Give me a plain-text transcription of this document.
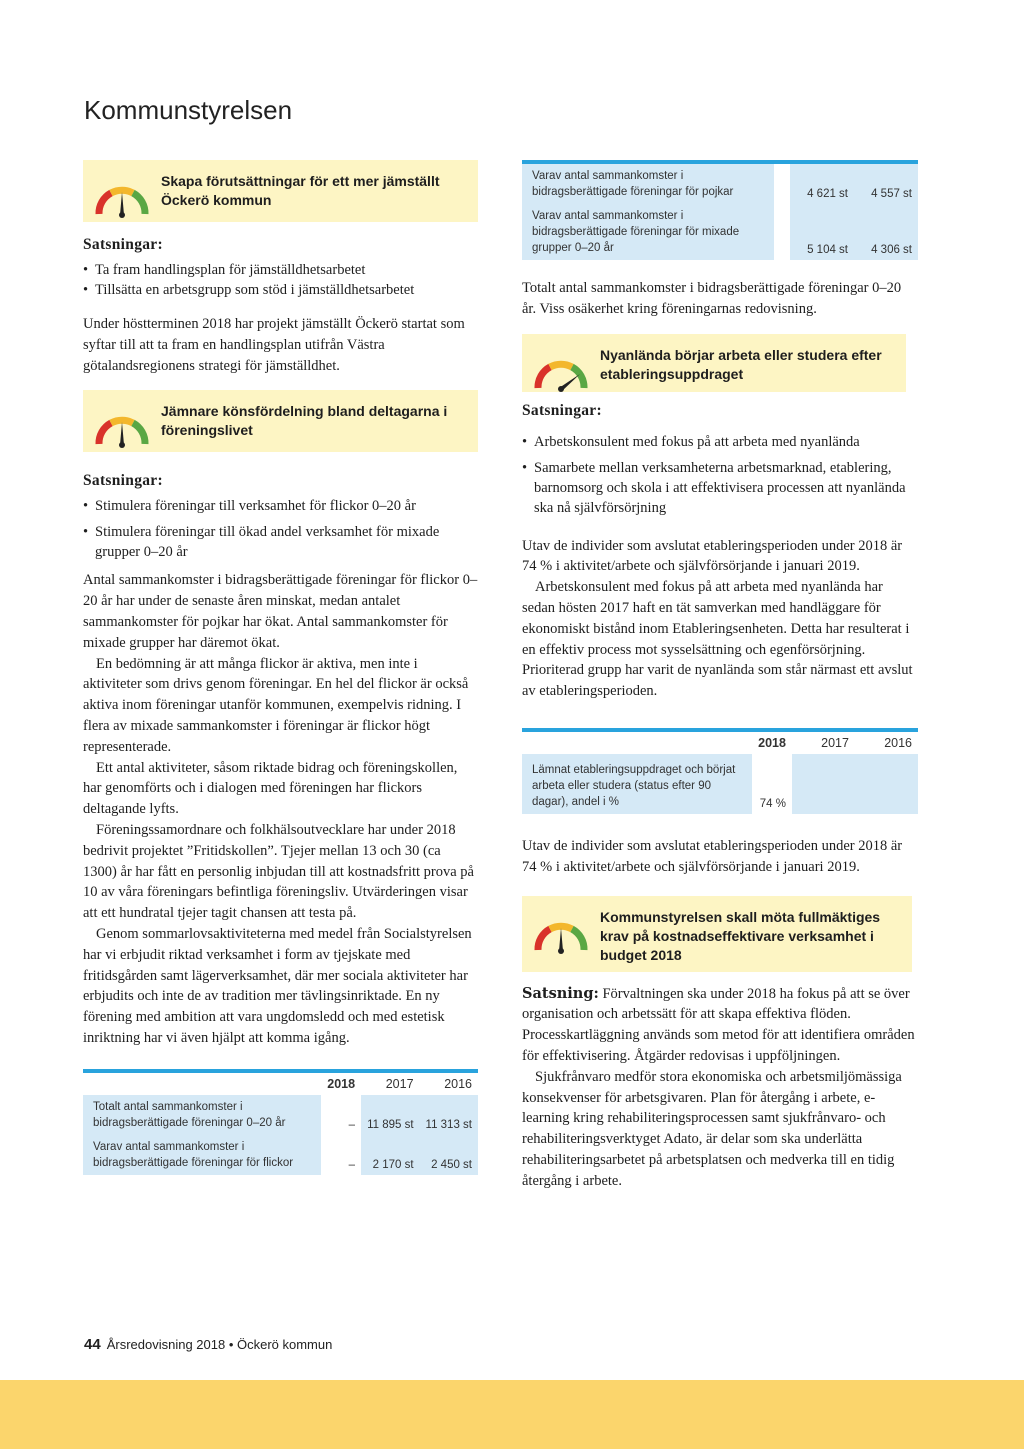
Kommunstyrelsen
Skapa förutsättningar för ett mer jämställt Öckerö kommun
Satsningar:
• Ta fram handlingsplan för jämställdhetsarbetet
• Tillsätta en arbetsgrupp som stöd i jämställdhetsarbetet

Under höstterminen 2018 har projekt jämställt Öckerö startat som syftar till att ta fram en handlingsplan utifrån Västra götalandsregionens strategi för jämställdhet.

Jämnare könsfördelning bland deltagarna i föreningslivet
Satsningar:
• Stimulera föreningar till verksamhet för flickor 0–20 år
• Stimulera föreningar till ökad andel verksamhet för mixade grupper 0–20 år

Antal sammankomster i bidragsberättigade föreningar för flickor 0–20 år har under de senaste åren minskat, medan antalet sammankomster för pojkar har ökat. Antal sammankomster för mixade grupper har däremot ökat.

En bedömning är att många flickor är aktiva, men inte i aktiviteter som drivs genom föreningar. En hel del flickor är också aktiva inom föreningar utanför kommunen, exempelvis ridning. I flera av mixade sammankomster i föreningar är flickor högt representerade.

Ett antal aktiviteter, såsom riktade bidrag och föreningskollen, har genomförts och i dialogen med föreningen har flickors deltagande lyfts.

Föreningssamordnare och folkhälsoutvecklare har under 2018 bedrivit projektet ”Fritidskollen”. Tjejer mellan 13 och 30 (ca 1300) år har fått en personlig inbjudan till att kostnadsfritt prova på 10 av våra föreningars befintliga föreningsliv. Utvärderingen visar att ett hundratal tjejer tagit chansen att testa på.

Genom sommarlovsaktiviteterna med medel från Socialstyrelsen har vi erbjudit riktad verksamhet i form av tjejskate med fritidsgården samt lägerverksamhet, där mer sociala aktiviteter har erbjudits och inte de av tradition mer tävlingsinriktade. En ny förening med ambition att vara ungdomsledd och med estetisk inriktning har vi även hjälpt att komma igång.

	2018	2017	2016
Totalt antal sammankomster i bidragsberättigade föreningar 0–20 år	–	11 895 st	11 313 st
Varav antal sammankomster i bidragsberättigade föreningar för flickor	–	2 170 st	2 450 st
Varav antal sammankomster i bidragsberättigade föreningar för pojkar		4 621 st	4 557 st
Varav antal sammankomster i bidragsberättigade föreningar för mixade grupper 0–20 år		5 104 st	4 306 st

Totalt antal sammankomster i bidragsberättigade föreningar 0–20 år. Viss osäkerhet kring föreningarnas redovisning.

Nyanlända börjar arbeta eller studera efter etableringsuppdraget
Satsningar:
• Arbetskonsulent med fokus på att arbeta med nyanlända
• Samarbete mellan verksamheterna arbetsmarknad, etablering, barnomsorg och skola i att effektivisera processen att nyanlända ska nå självförsörjning

Utav de individer som avslutat etableringsperioden under 2018 är 74 % i aktivitet/arbete och självförsörjande i januari 2019.

Arbetskonsulent med fokus på att arbeta med nyanlända har sedan hösten 2017 haft en tät samverkan med handläggare för ekonomiskt bistånd inom Etableringsenheten. Detta har resulterat i en effektiv process mot sysselsättning och egenförsörjning. Prioriterad grupp har varit de nyanlända som står närmast ett avslut av etableringsperioden.

	2018	2017	2016
Lämnat etableringsuppdraget och börjat arbeta eller studera (status efter 90 dagar), andel i %	74 %		

Utav de individer som avslutat etableringsperioden under 2018 är 74 % i aktivitet/arbete och självförsörjande i januari 2019.

Kommunstyrelsen skall möta fullmäktiges krav på kostnadseffektivare verksamhet i budget 2018

Satsning: Förvaltningen ska under 2018 ha fokus på att se över organisation och arbetssätt för att skapa effektiva flöden. Processkartläggning används som metod för att identifiera områden för effektivisering. Åtgärder redovisas i uppföljningen.

Sjukfrånvaro medför stora ekonomiska och arbetsmiljömässiga konsekvenser för arbetsgivaren. Plan för återgång i arbete, e-learning kring rehabiliteringsprocessen samt sjukfrånvaro- och rehabiliteringsverktyget Adato, är delar som ska underlätta rehabiliteringsarbetet på arbetsplatsen och medverka till en tidig återgång i arbete.

44 Årsredovisning 2018 • Öckerö kommun
